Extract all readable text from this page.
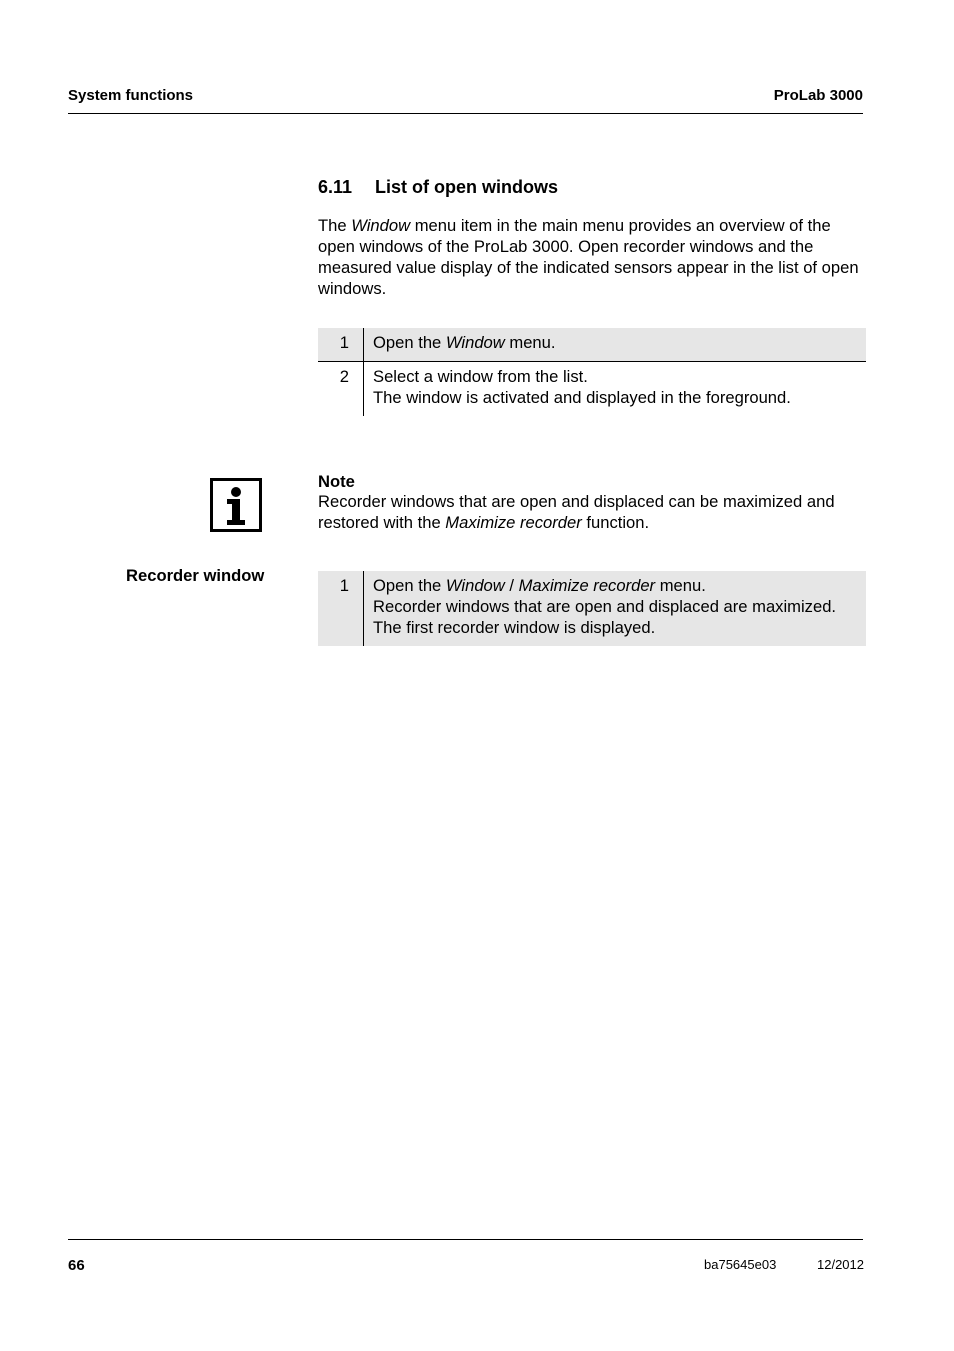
System functions	ProLab 3000
6.11 List of open windows
The Window menu item in the main menu provides an overview of the open windows of the ProLab 3000. Open recorder windows and the measured value display of the indicated sensors appear in the list of open windows.
1	Open the Window menu.
2	Select a window from the list.
The window is activated and displayed in the foreground.
Note
Recorder windows that are open and displaced can be maximized and restored with the Maximize recorder function.
Recorder window
1	Open the Window / Maximize recorder menu.
Recorder windows that are open and displaced are maximized.
The first recorder window is displayed.
66	ba75645e03	12/2012
